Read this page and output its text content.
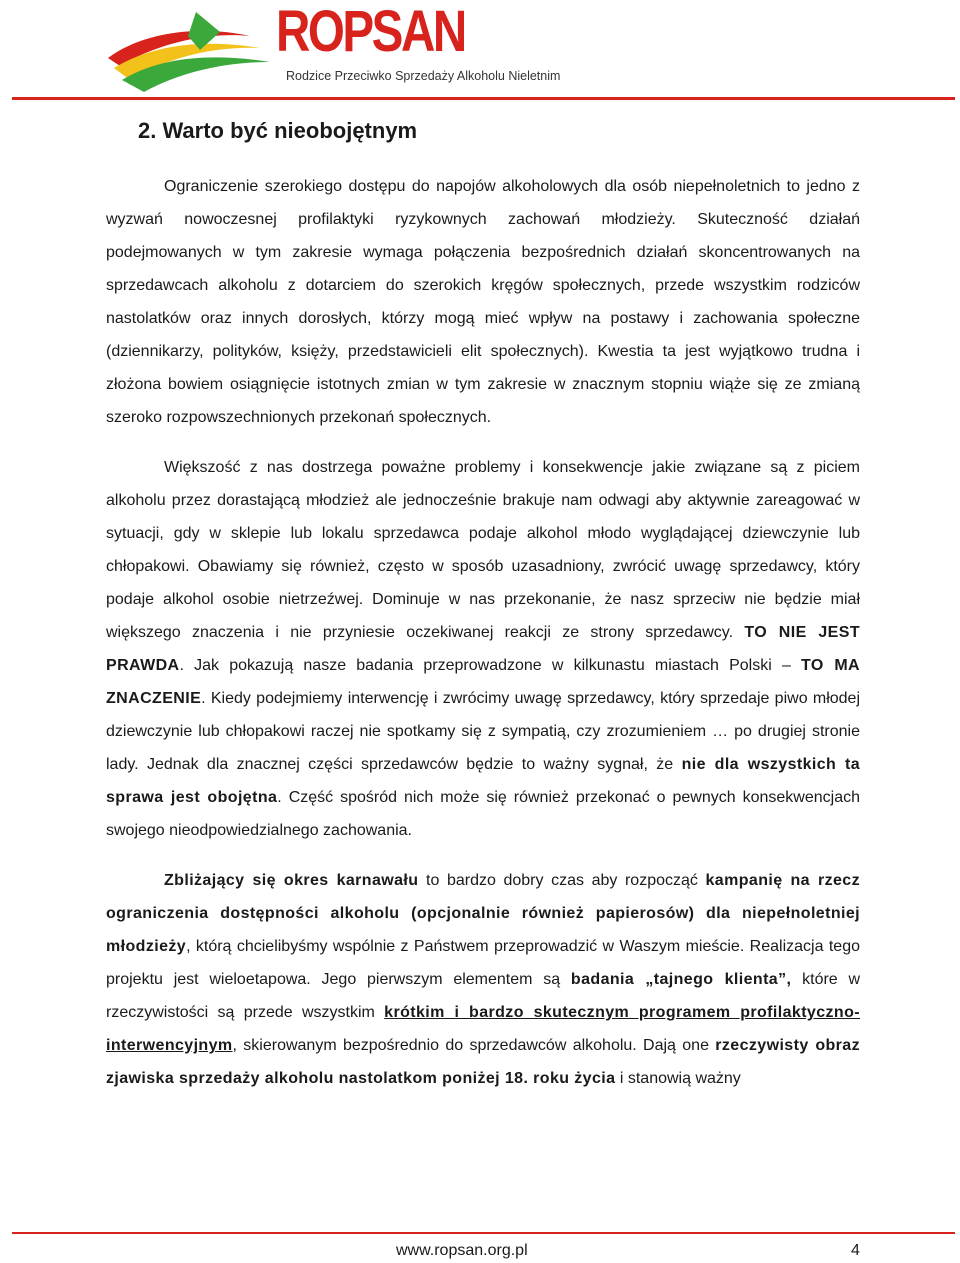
ROPSAN
Rodzice Przeciwko Sprzedaży Alkoholu Nieletnim
2. Warto być nieobojętnym

Ograniczenie szerokiego dostępu do napojów alkoholowych dla osób niepełnoletnich to jedno z wyzwań nowoczesnej profilaktyki ryzykownych zachowań młodzieży. Skuteczność działań podejmowanych w tym zakresie wymaga połączenia bezpośrednich działań skoncentrowanych na sprzedawcach alkoholu z dotarciem do szerokich kręgów społecznych, przede wszystkim rodziców nastolatków oraz innych dorosłych, którzy mogą mieć wpływ na postawy i zachowania społeczne (dziennikarzy, polityków, księży, przedstawicieli elit społecznych). Kwestia ta jest wyjątkowo trudna i złożona bowiem osiągnięcie istotnych zmian w tym zakresie w znacznym stopniu wiąże się ze zmianą szeroko rozpowszechnionych przekonań społecznych.

Większość z nas dostrzega poważne problemy i konsekwencje jakie związane są z piciem alkoholu przez dorastającą młodzież ale jednocześnie brakuje nam odwagi aby aktywnie zareagować w sytuacji, gdy w sklepie lub lokalu sprzedawca podaje alkohol młodo wyglądającej dziewczynie lub chłopakowi. Obawiamy się również, często w sposób uzasadniony, zwrócić uwagę sprzedawcy, który podaje alkohol osobie nietrzeźwej. Dominuje w nas przekonanie, że nasz sprzeciw nie będzie miał większego znaczenia i nie przyniesie oczekiwanej reakcji ze strony sprzedawcy. TO NIE JEST PRAWDA. Jak pokazują nasze badania przeprowadzone w kilkunastu miastach Polski – TO MA ZNACZENIE. Kiedy podejmiemy interwencję i zwrócimy uwagę sprzedawcy, który sprzedaje piwo młodej dziewczynie lub chłopakowi raczej nie spotkamy się z sympatią, czy zrozumieniem … po drugiej stronie lady. Jednak dla znacznej części sprzedawców będzie to ważny sygnał, że nie dla wszystkich ta sprawa jest obojętna. Część spośród nich może się również przekonać o pewnych konsekwencjach swojego nieodpowiedzialnego zachowania.

Zbliżający się okres karnawału to bardzo dobry czas aby rozpocząć kampanię na rzecz ograniczenia dostępności alkoholu (opcjonalnie również papierosów) dla niepełnoletniej młodzieży, którą chcielibyśmy wspólnie z Państwem przeprowadzić w Waszym mieście. Realizacja tego projektu jest wieloetapowa. Jego pierwszym elementem są badania „tajnego klienta”, które w rzeczywistości są przede wszystkim krótkim i bardzo skutecznym programem profilaktyczno-interwencyjnym, skierowanym bezpośrednio do sprzedawców alkoholu. Dają one rzeczywisty obraz zjawiska sprzedaży alkoholu nastolatkom poniżej 18. roku życia i stanowią ważny

www.ropsan.org.pl	4
